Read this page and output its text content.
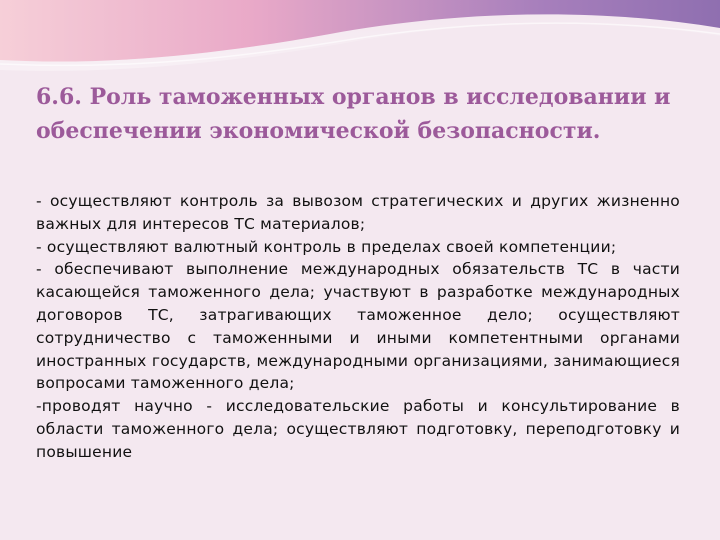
6.6. Роль таможенных органов в исследовании и
обеспечении экономической безопасности.

- осуществляют контроль за вывозом стратегических и других жизненно важных для интересов ТС материалов;

- осуществляют валютный контроль в пределах своей компетенции;

- обеспечивают выполнение международных обязательств ТС в части касающейся таможенного дела; участвуют в разработке международных договоров ТС, затрагивающих таможенное дело; осуществляют сотрудничество с таможенными и иными компетентными органами иностранных государств, международными организациями, занимающиеся вопросами таможенного дела;

-проводят научно - исследовательские работы и консультирование в области таможенного дела; осуществляют подготовку, переподготовку и повышение
